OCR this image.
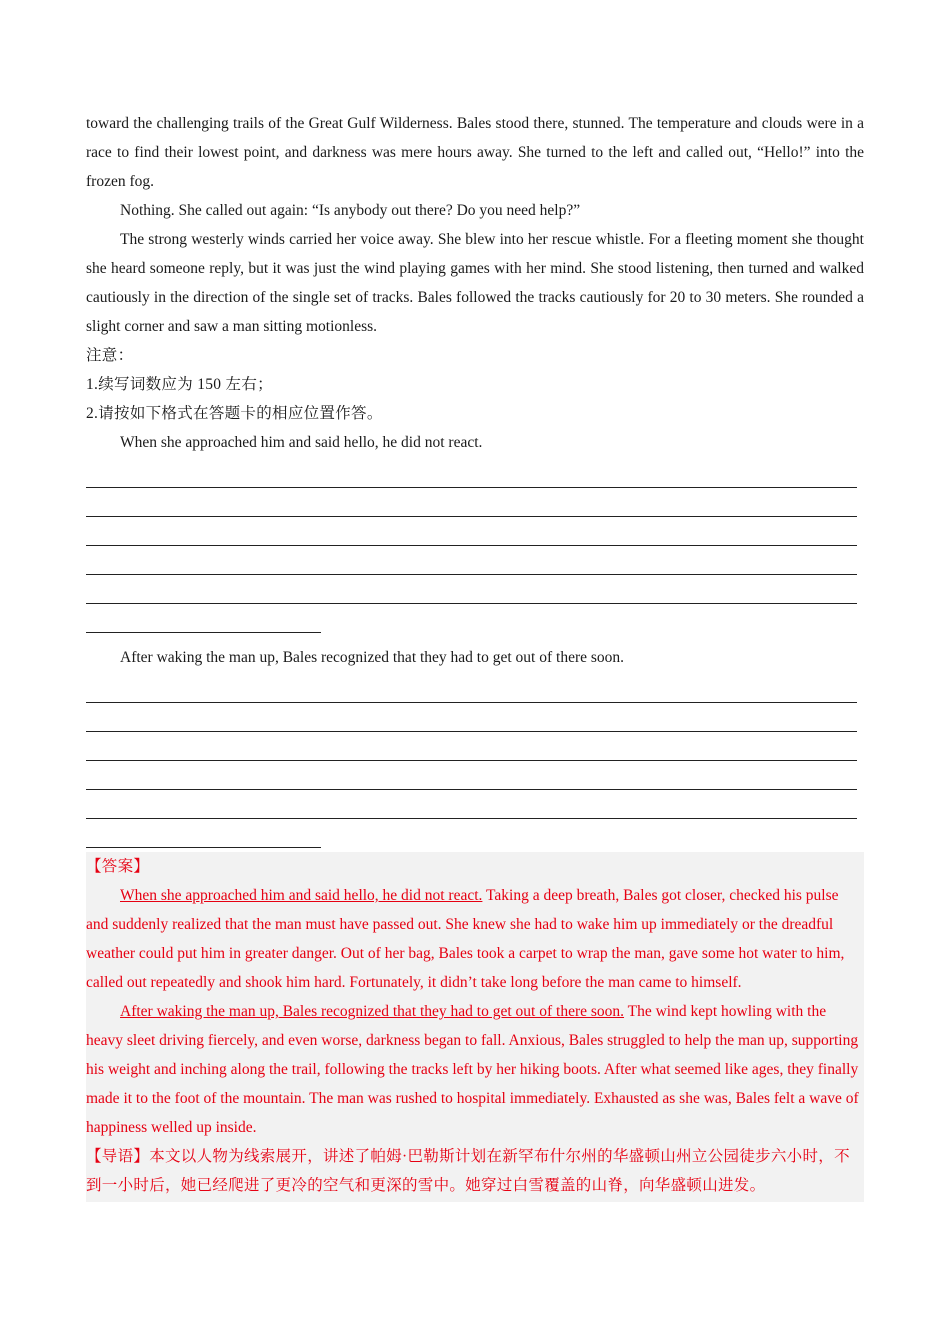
toward the challenging trails of the Great Gulf Wilderness. Bales stood there, stunned. The temperature and clouds were in a race to find their lowest point, and darkness was mere hours away. She turned to the left and called out, “Hello!” into the frozen fog.

Nothing. She called out again: “Is anybody out there? Do you need help?”

The strong westerly winds carried her voice away. She blew into her rescue whistle. For a fleeting moment she thought she heard someone reply, but it was just the wind playing games with her mind. She stood listening, then turned and walked cautiously in the direction of the single set of tracks. Bales followed the tracks cautiously for 20 to 30 meters. She rounded a slight corner and saw a man sitting motionless.

注意：

1.续写词数应为 150 左右；

2.请按如下格式在答题卡的相应位置作答。

When she approached him and said hello, he did not react.

After waking the man up, Bales recognized that they had to get out of there soon.

【答案】

When she approached him and said hello, he did not react. Taking a deep breath, Bales got closer, checked his pulse and suddenly realized that the man must have passed out. She knew she had to wake him up immediately or the dreadful weather could put him in greater danger. Out of her bag, Bales took a carpet to wrap the man, gave some hot water to him, called out repeatedly and shook him hard. Fortunately, it didn’t take long before the man came to himself.

After waking the man up, Bales recognized that they had to get out of there soon. The wind kept howling with the heavy sleet driving fiercely, and even worse, darkness began to fall. Anxious, Bales struggled to help the man up, supporting his weight and inching along the trail, following the tracks left by her hiking boots. After what seemed like ages, they finally made it to the foot of the mountain. The man was rushed to hospital immediately. Exhausted as she was, Bales felt a wave of happiness welled up inside.

【导语】本文以人物为线索展开，讲述了帕姆·巴勒斯计划在新罕布什尔州的华盛顿山州立公园徒步六小时，不到一小时后，她已经爬进了更冷的空气和更深的雪中。她穿过白雪覆盖的山脊，向华盛顿山进发。
